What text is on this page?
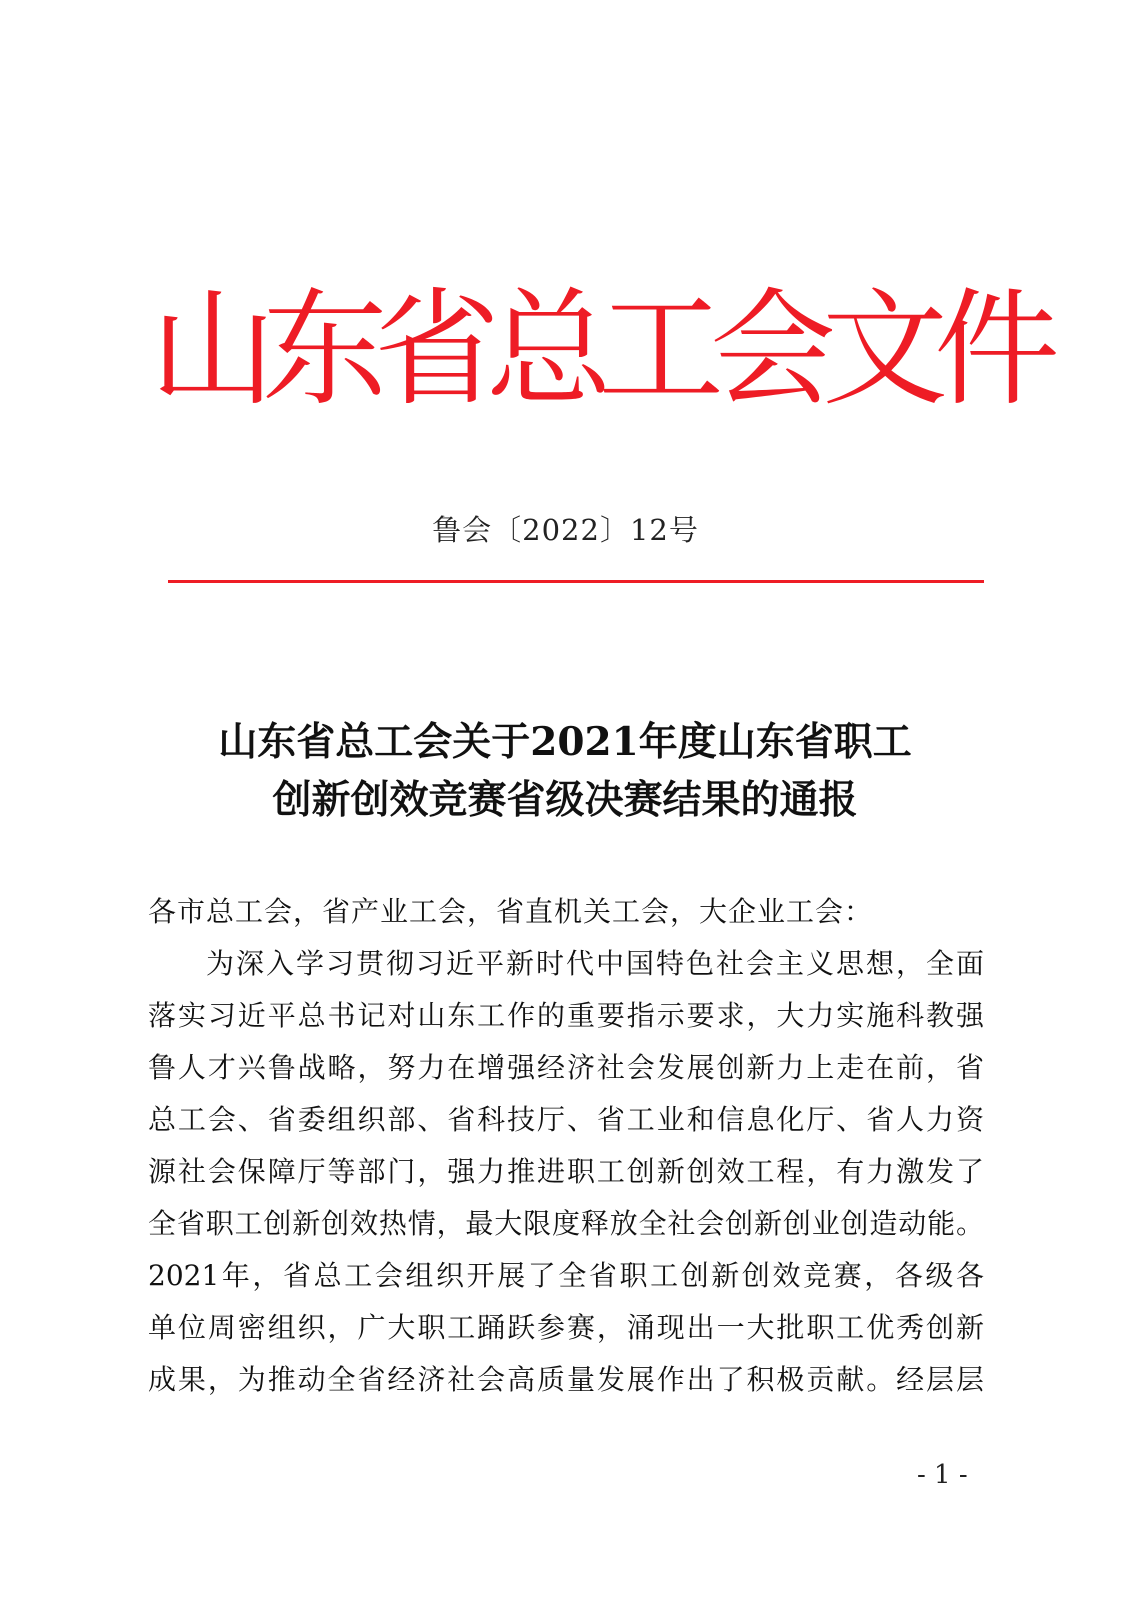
山东省总工会文件
鲁会〔2022〕12号
山东省总工会关于2021年度山东省职工
创新创效竞赛省级决赛结果的通报
各市总工会，省产业工会，省直机关工会，大企业工会：
为深入学习贯彻习近平新时代中国特色社会主义思想，全面
落实习近平总书记对山东工作的重要指示要求，大力实施科教强
鲁人才兴鲁战略，努力在增强经济社会发展创新力上走在前，省
总工会、省委组织部、省科技厅、省工业和信息化厅、省人力资
源社会保障厅等部门，强力推进职工创新创效工程，有力激发了
全省职工创新创效热情，最大限度释放全社会创新创业创造动能。
2021年，省总工会组织开展了全省职工创新创效竞赛，各级各
单位周密组织，广大职工踊跃参赛，涌现出一大批职工优秀创新
成果，为推动全省经济社会高质量发展作出了积极贡献。经层层
- 1 -
